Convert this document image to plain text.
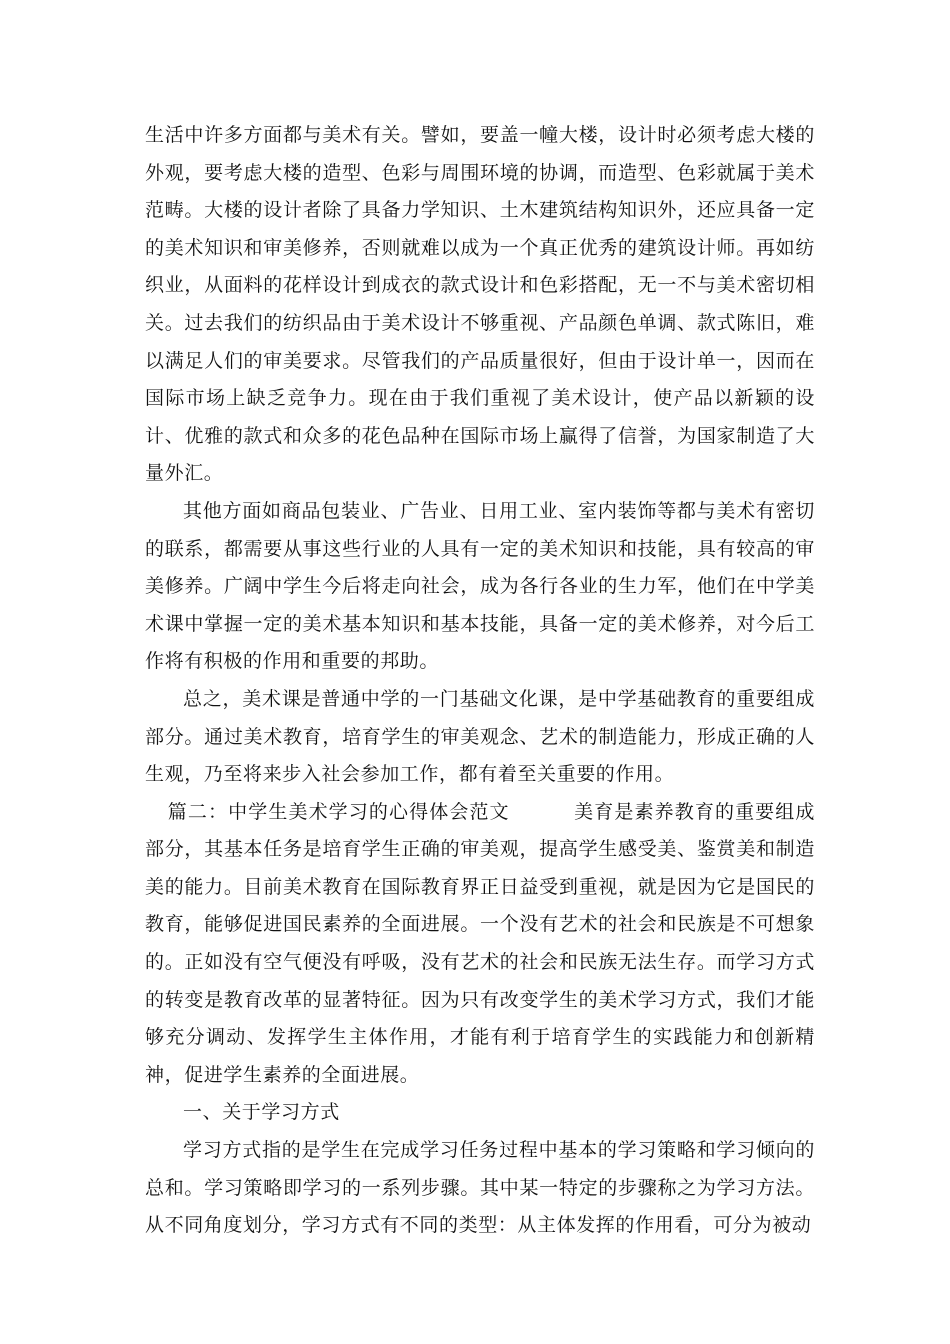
生活中许多方面都与美术有关。譬如，要盖一幢大楼，设计时必须考虑大楼的外观，要考虑大楼的造型、色彩与周围环境的协调，而造型、色彩就属于美术范畴。大楼的设计者除了具备力学知识、土木建筑结构知识外，还应具备一定的美术知识和审美修养，否则就难以成为一个真正优秀的建筑设计师。再如纺织业，从面料的花样设计到成衣的款式设计和色彩搭配，无一不与美术密切相关。过去我们的纺织品由于美术设计不够重视、产品颜色单调、款式陈旧，难以满足人们的审美要求。尽管我们的产品质量很好，但由于设计单一，因而在国际市场上缺乏竞争力。现在由于我们重视了美术设计，使产品以新颖的设计、优雅的款式和众多的花色品种在国际市场上赢得了信誉，为国家制造了大量外汇。

其他方面如商品包装业、广告业、日用工业、室内装饰等都与美术有密切的联系，都需要从事这些行业的人具有一定的美术知识和技能，具有较高的审美修养。广阔中学生今后将走向社会，成为各行各业的生力军，他们在中学美术课中掌握一定的美术基本知识和基本技能，具备一定的美术修养，对今后工作将有积极的作用和重要的邦助。

总之，美术课是普通中学的一门基础文化课，是中学基础教育的重要组成部分。通过美术教育，培育学生的审美观念、艺术的制造能力，形成正确的人生观，乃至将来步入社会参加工作，都有着至关重要的作用。

篇二：中学生美术学习的心得体会范文	美育是素养教育的重要组成部分，其基本任务是培育学生正确的审美观，提高学生感受美、鉴赏美和制造美的能力。目前美术教育在国际教育界正日益受到重视，就是因为它是国民的教育，能够促进国民素养的全面进展。一个没有艺术的社会和民族是不可想象的。正如没有空气便没有呼吸，没有艺术的社会和民族无法生存。而学习方式的转变是教育改革的显著特征。因为只有改变学生的美术学习方式，我们才能够充分调动、发挥学生主体作用，才能有利于培育学生的实践能力和创新精神，促进学生素养的全面进展。

一、关于学习方式

学习方式指的是学生在完成学习任务过程中基本的学习策略和学习倾向的总和。学习策略即学习的一系列步骤。其中某一特定的步骤称之为学习方法。从不同角度划分，学习方式有不同的类型：从主体发挥的作用看，可分为被动
